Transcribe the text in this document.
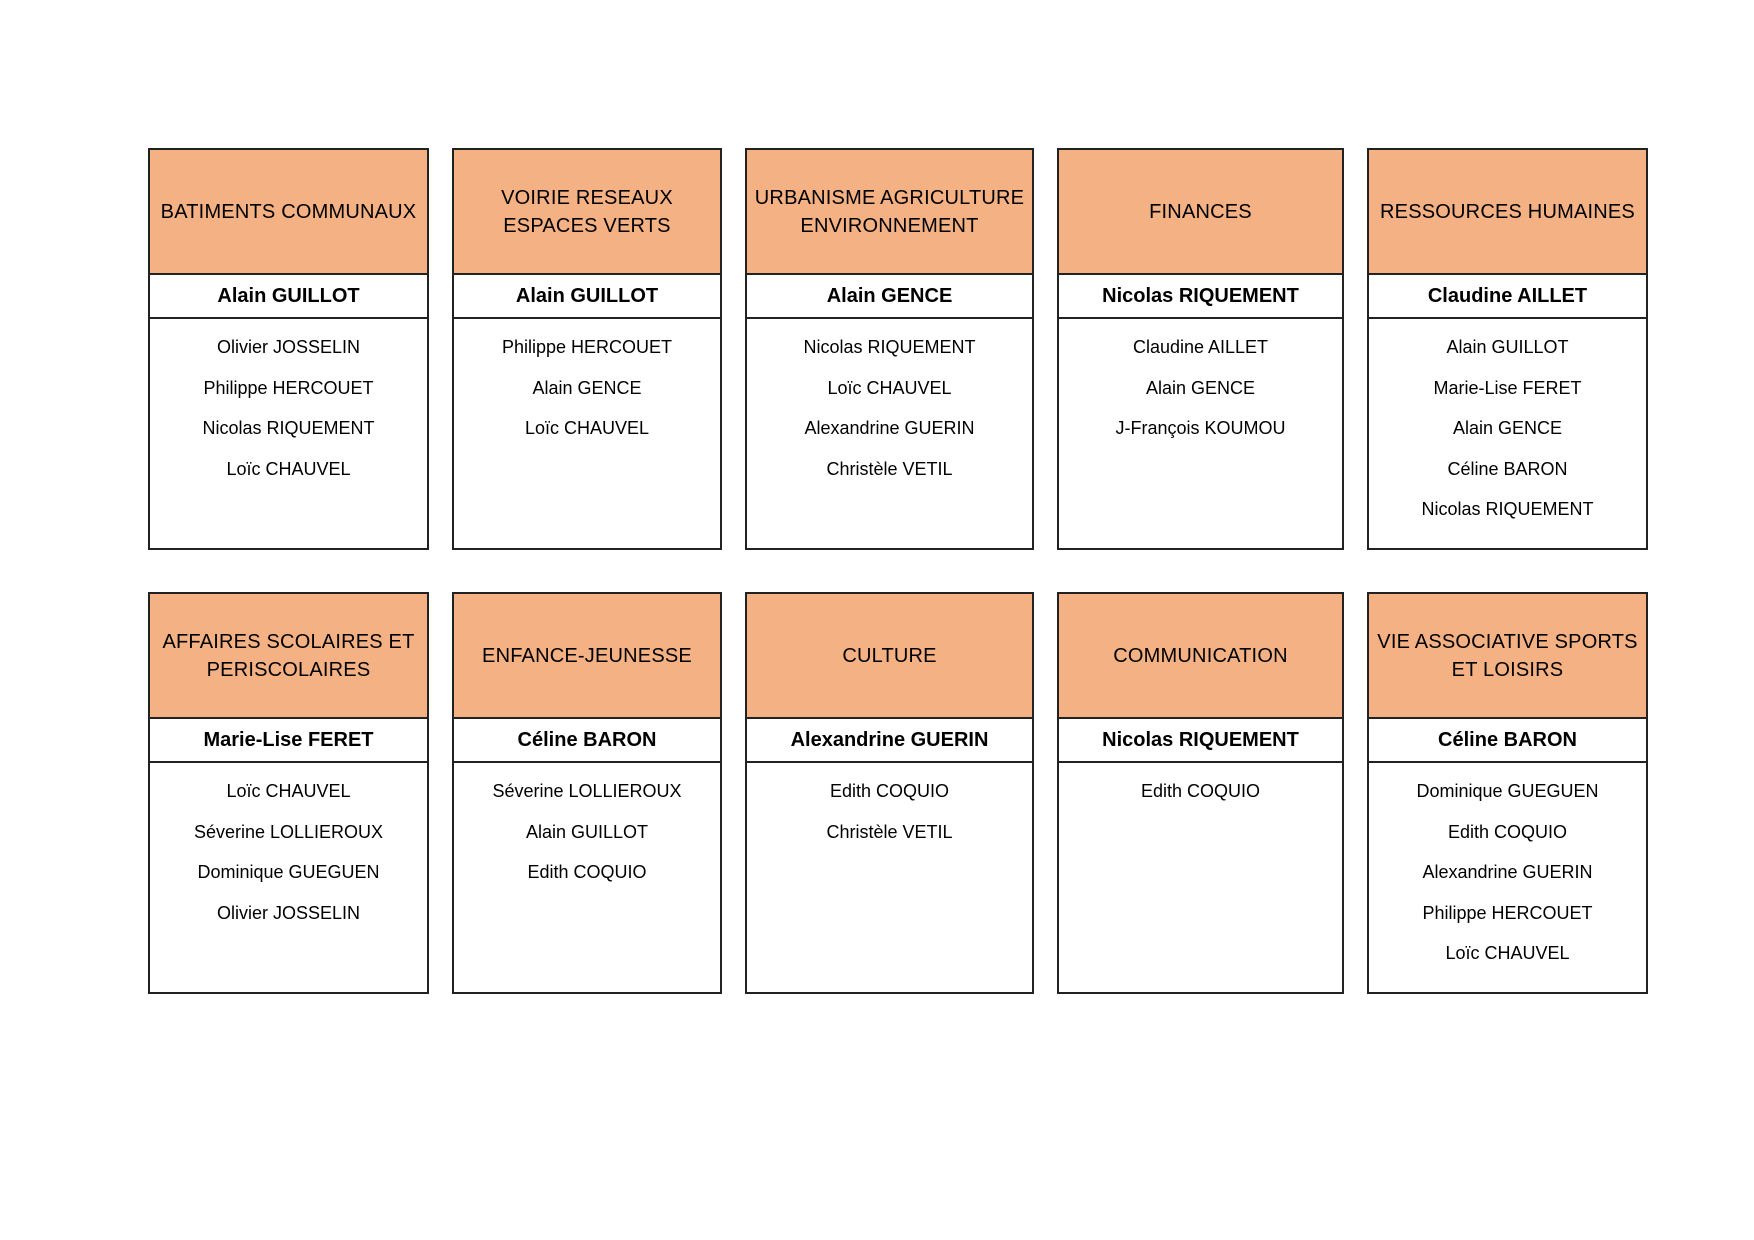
BATIMENTS COMMUNAUX
Alain GUILLOT
Olivier JOSSELIN
Philippe HERCOUET
Nicolas RIQUEMENT
Loïc CHAUVEL
VOIRIE RESEAUX ESPACES VERTS
Alain GUILLOT
Philippe HERCOUET
Alain GENCE
Loïc CHAUVEL
URBANISME AGRICULTURE ENVIRONNEMENT
Alain GENCE
Nicolas RIQUEMENT
Loïc CHAUVEL
Alexandrine GUERIN
Christèle VETIL
FINANCES
Nicolas RIQUEMENT
Claudine AILLET
Alain GENCE
J-François KOUMOU
RESSOURCES HUMAINES
Claudine AILLET
Alain GUILLOT
Marie-Lise FERET
Alain GENCE
Céline BARON
Nicolas RIQUEMENT
AFFAIRES SCOLAIRES ET PERISCOLAIRES
Marie-Lise FERET
Loïc CHAUVEL
Séverine LOLLIEROUX
Dominique GUEGUEN
Olivier JOSSELIN
ENFANCE-JEUNESSE
Céline BARON
Séverine LOLLIEROUX
Alain GUILLOT
Edith COQUIO
CULTURE
Alexandrine GUERIN
Edith COQUIO
Christèle VETIL
COMMUNICATION
Nicolas RIQUEMENT
Edith COQUIO
VIE ASSOCIATIVE SPORTS ET LOISIRS
Céline BARON
Dominique GUEGUEN
Edith COQUIO
Alexandrine GUERIN
Philippe HERCOUET
Loïc CHAUVEL
